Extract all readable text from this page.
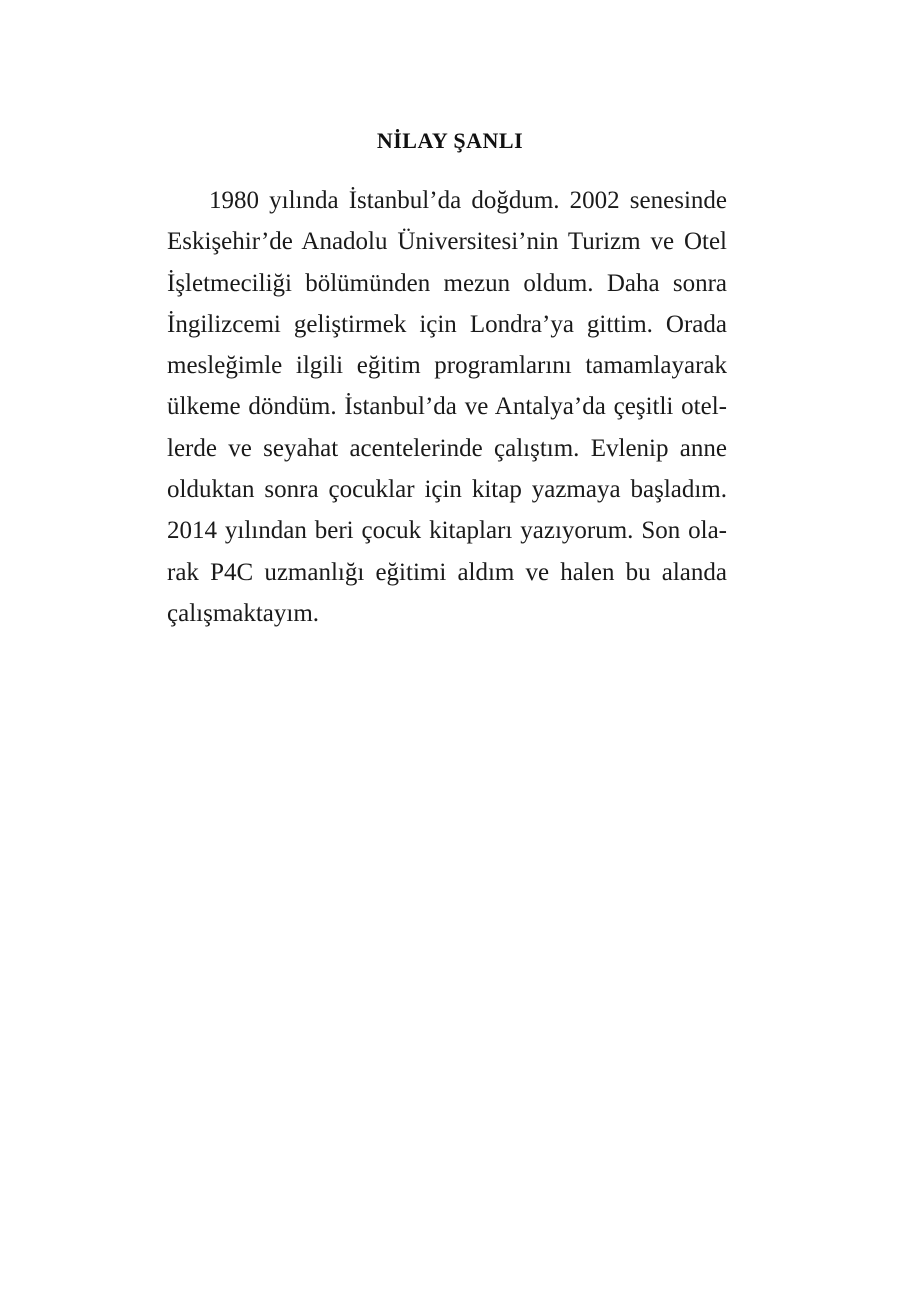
NİLAY ŞANLI
1980 yılında İstanbul’da doğdum. 2002 senesinde
Eskişehir’de Anadolu Üniversitesi’nin Turizm ve Otel
İşletmeciliği bölümünden mezun oldum. Daha sonra
İngilizcemi geliştirmek için Londra’ya gittim. Orada
mesleğimle ilgili eğitim programlarını tamamlayarak
ülkeme döndüm. İstanbul’da ve Antalya’da çeşitli otel-
lerde ve seyahat acentelerinde çalıştım. Evlenip anne
olduktan sonra çocuklar için kitap yazmaya başladım.
2014 yılından beri çocuk kitapları yazıyorum. Son ola-
rak P4C uzmanlığı eğitimi aldım ve halen bu alanda
çalışmaktayım.
